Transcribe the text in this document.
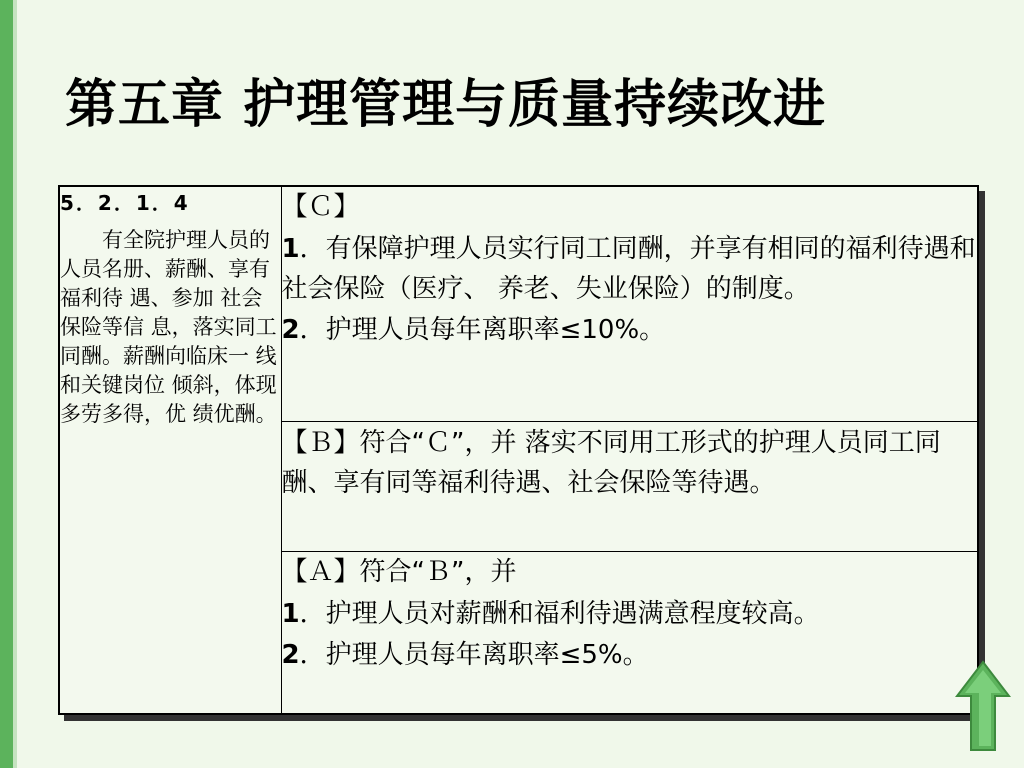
第五章 护理管理与质量持续改进
5．2．1．4
有全院护理人员的人员名册、薪酬、享有福利待 遇、参加 社会保险等信 息，落实同工同酬。薪酬向临床一 线和关键岗位 倾斜，体现多劳多得，优 绩优酬。

【Ｃ】
1．有保障护理人员实行同工同酬，并享有相同的福利待遇和社会保险（医疗、 养老、失业保险）的制度。
2．护理人员每年离职率≤10%。

【Ｂ】符合“Ｃ”，并 落实不同用工形式的护理人员同工同酬、享有同等福利待遇、社会保险等待遇。

【Ａ】符合“Ｂ”，并
1．护理人员对薪酬和福利待遇满意程度较高。
2．护理人员每年离职率≤5%。
